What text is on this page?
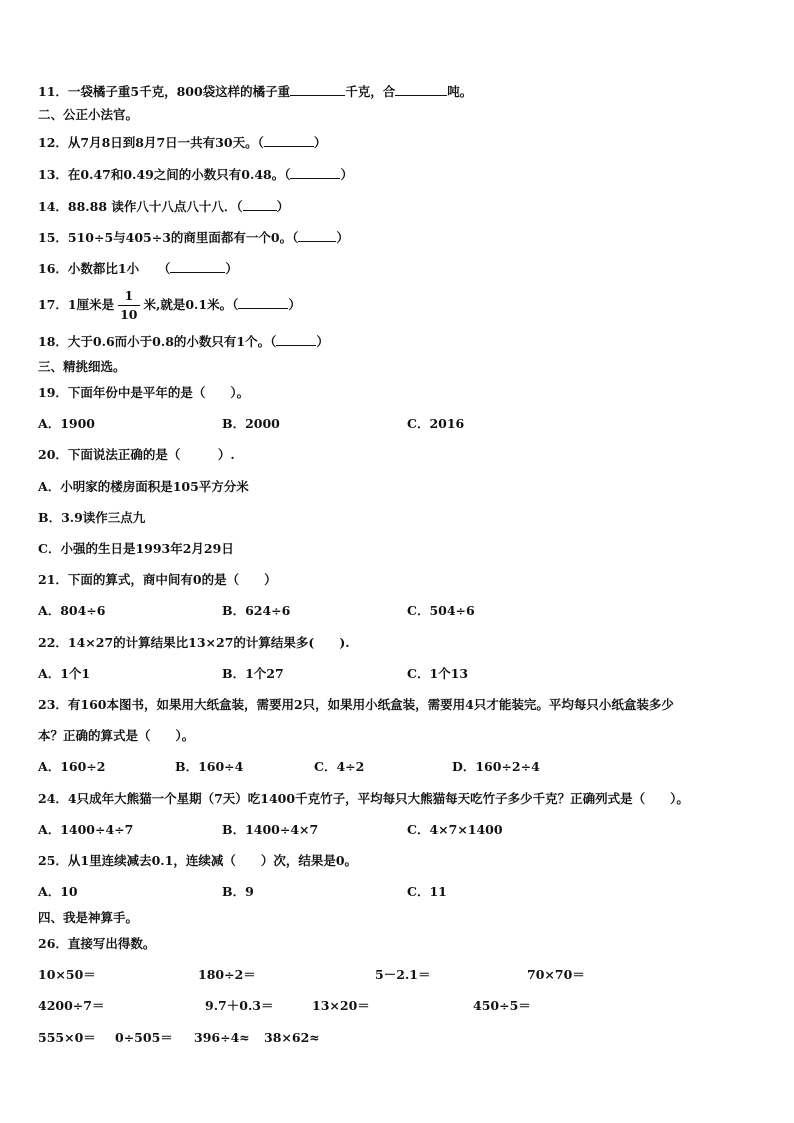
11．一袋橘子重5千克，800袋这样的橘子重	千克，合	吨。
二、公正小法官。
12．从7月8日到8月7日一共有30天。（	）
13．在0.47和0.49之间的小数只有0.48。（	）
14．88.88 读作八十八点八十八．（	）
15．510÷5与405÷3的商里面都有一个0。（	）
16．小数都比1小　　（	）
17．1厘米是 $\frac{1}{10}$ 米,就是0.1米。（	）
18．大于0.6而小于0.8的小数只有1个。（	）
三、精挑细选。
19．下面年份中是平年的是（　　）。
A．1900	B．2000	C．2016
20．下面说法正确的是（　　　）.
A．小明家的楼房面积是105平方分米
B．3.9读作三点九
C．小强的生日是1993年2月29日
21．下面的算式，商中间有0的是（　　）
A．804÷6	B．624÷6	C．504÷6
22．14×27的计算结果比13×27的计算结果多(　　).
A．1个1	B．1个27	C．1个13
23．有160本图书，如果用大纸盒装，需要用2只，如果用小纸盒装，需要用4只才能装完。平均每只小纸盒装多少
本？正确的算式是（　　）。
A．160÷2	B．160÷4	C．4÷2	D．160÷2÷4
24．4只成年大熊猫一个星期（7天）吃1400千克竹子，平均每只大熊猫每天吃竹子多少千克？正确列式是（　　）。
A．1400÷4÷7	B．1400÷4×7	C．4×7×1400
25．从1里连续减去0.1，连续减（　　）次，结果是0。
A．10	B．9	C．11
四、我是神算手。
26．直接写出得数。
10×50＝	180÷2＝	5－2.1＝	70×70＝
4200÷7＝	9.7＋0.3＝	13×20＝	450÷5＝
555×0＝ 0÷505＝ 396÷4≈ 38×62≈
